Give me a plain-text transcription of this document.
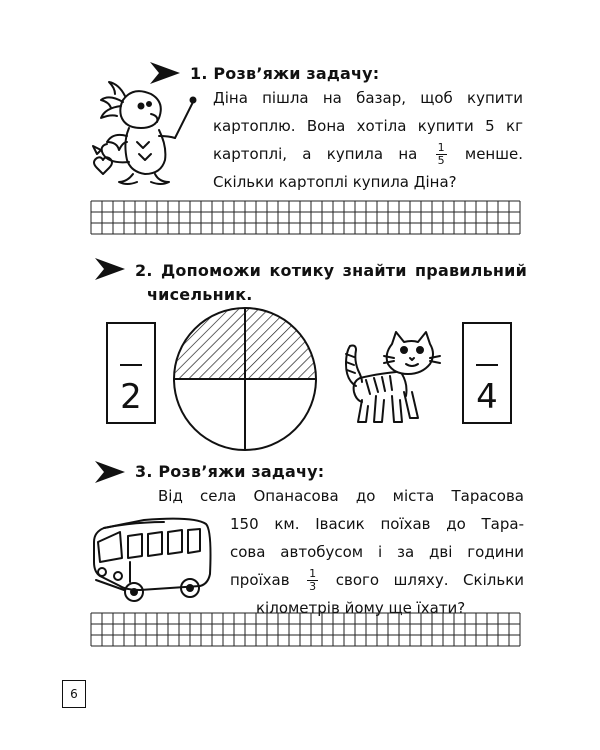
1. Розв’яжи задачу:
Діна пішла на базар, щоб купити
картоплю. Вона хотіла купити 5 кг
картоплі, а купила на $\frac{1}{5}$ менше.
Скільки картоплі купила Діна?
2. Допоможи котику знайти правильний
чисельник.
2	4
3. Розв’яжи задачу:
Від села Опанасова до міста Тарасова
150 км. Івасик поїхав до Тара-
сова автобусом і за дві години
проїхав $\frac{1}{3}$ свого шляху. Скільки
кілометрів йому ще їхати?
6
